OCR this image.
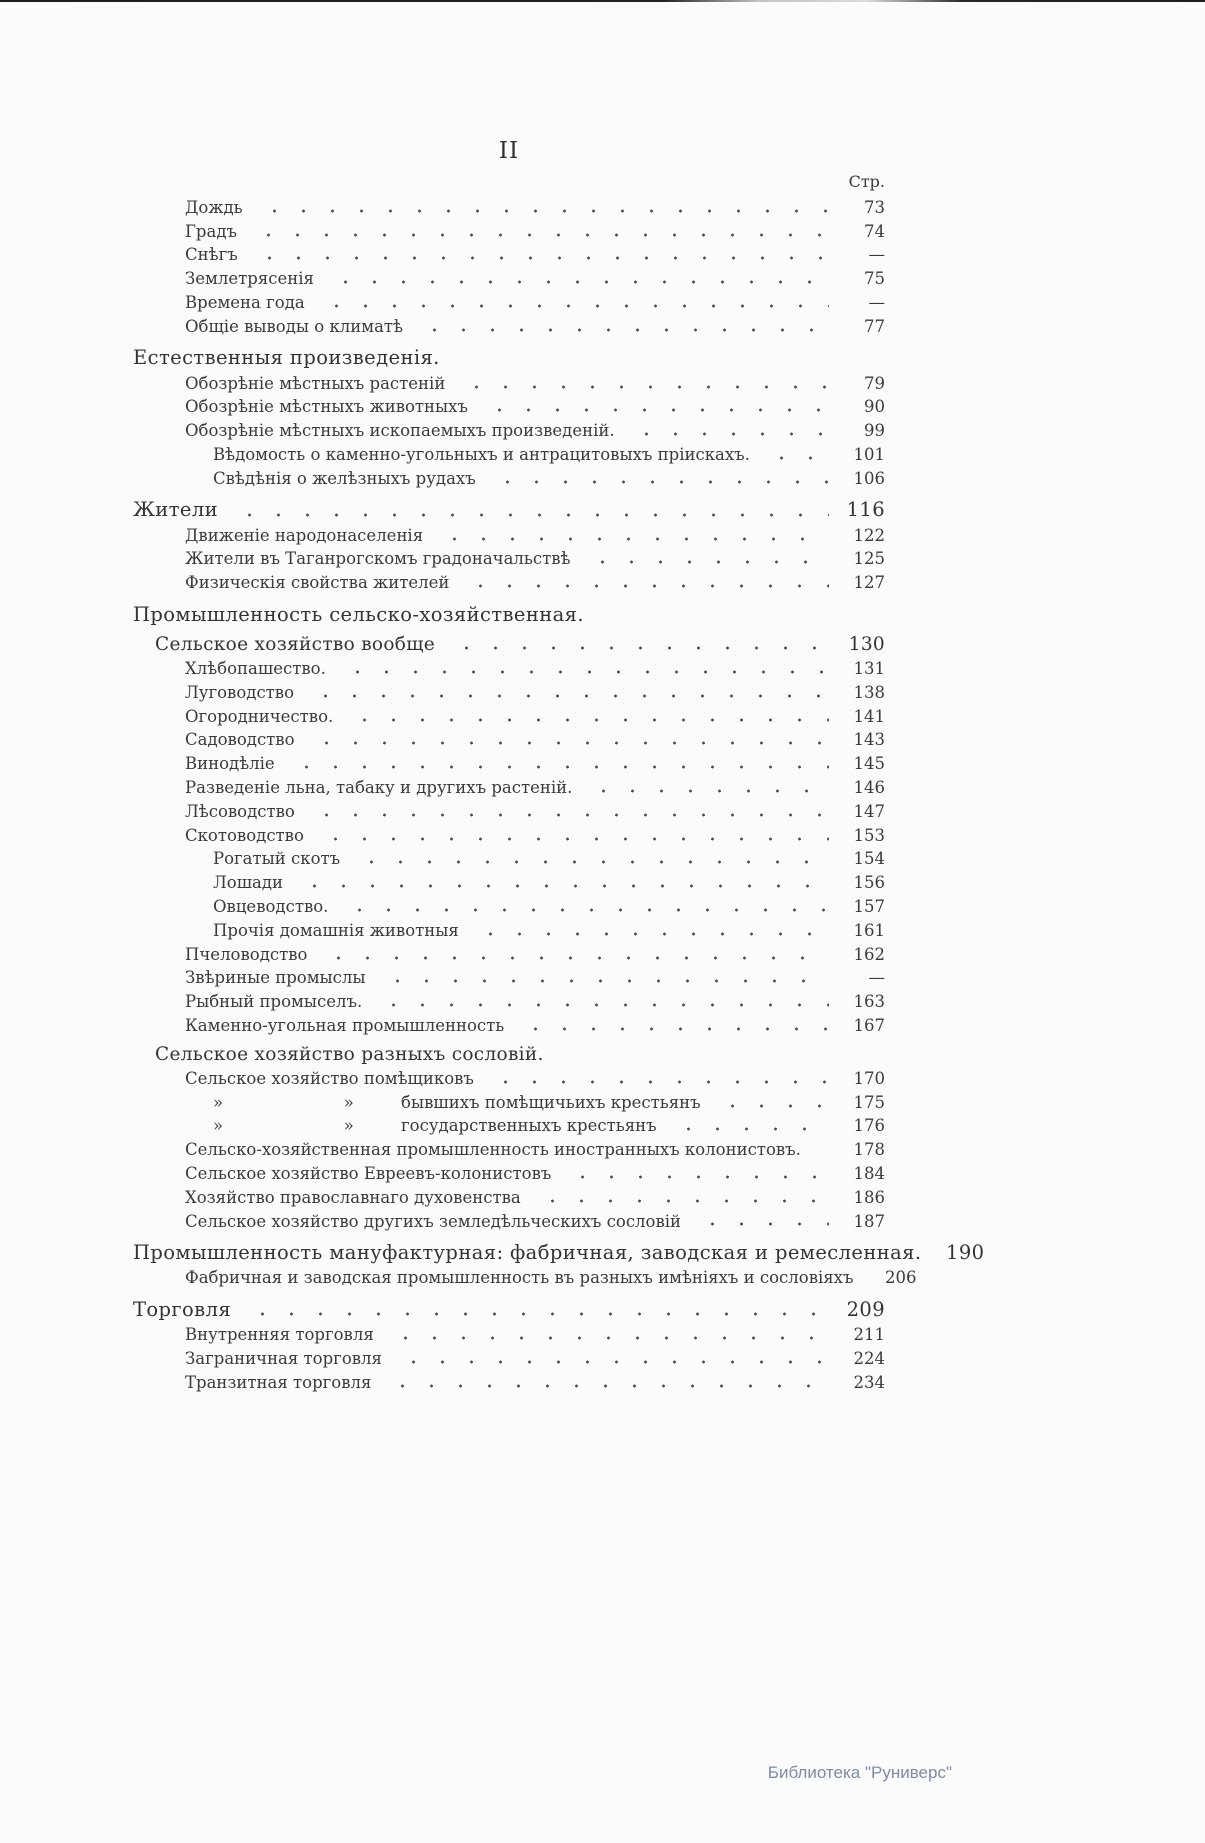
II
Стр.
Дождь	73
Градъ	74
Снѣгъ	—
Землетрясенія	75
Времена года	—
Общіе выводы о климатѣ	77
Естественныя произведенія.
Обозрѣніе мѣстныхъ растеній	79
Обозрѣніе мѣстныхъ животныхъ	90
Обозрѣніе мѣстныхъ ископаемыхъ произведеній.	99
Вѣдомость о каменно-угольныхъ и антрацитовыхъ пріискахъ.	101
Свѣдѣнія о желѣзныхъ рудахъ	106
Жители	116
Движеніе народонаселенія	122
Жители въ Таганрогскомъ градоначальствѣ	125
Физическія свойства жителей	127
Промышленность сельско-хозяйственная.
Сельское хозяйство вообще	130
Хлѣбопашество.	131
Луговодство	138
Огородничество.	141
Садоводство	143
Винодѣліе	145
Разведеніе льна, табаку и другихъ растеній.	146
Лѣсоводство	147
Скотоводство	153
Рогатый скотъ	154
Лошади	156
Овцеводство.	157
Прочія домашнія животныя	161
Пчеловодство	162
Звѣриные промыслы	—
Рыбный промыселъ.	163
Каменно-угольная промышленность	167
Сельское хозяйство разныхъ сословій.
Сельское хозяйство помѣщиковъ	170
»                       »         бывшихъ помѣщичьихъ крестьянъ	175
»                       »         государственныхъ крестьянъ	176
Сельско-хозяйственная промышленность иностранныхъ колонистовъ.	178
Сельское хозяйство Евреевъ-колонистовъ	184
Хозяйство православнаго духовенства	186
Сельское хозяйство другихъ земледѣльческихъ сословій	187
Промышленность мануфактурная: фабричная, заводская и ремесленная.	190
Фабричная и заводская промышленность въ разныхъ имѣніяхъ и сословіяхъ	206
Торговля	209
Внутренняя торговля	211
Заграничная торговля	224
Транзитная торговля	234
Библиотека "Руниверс"
